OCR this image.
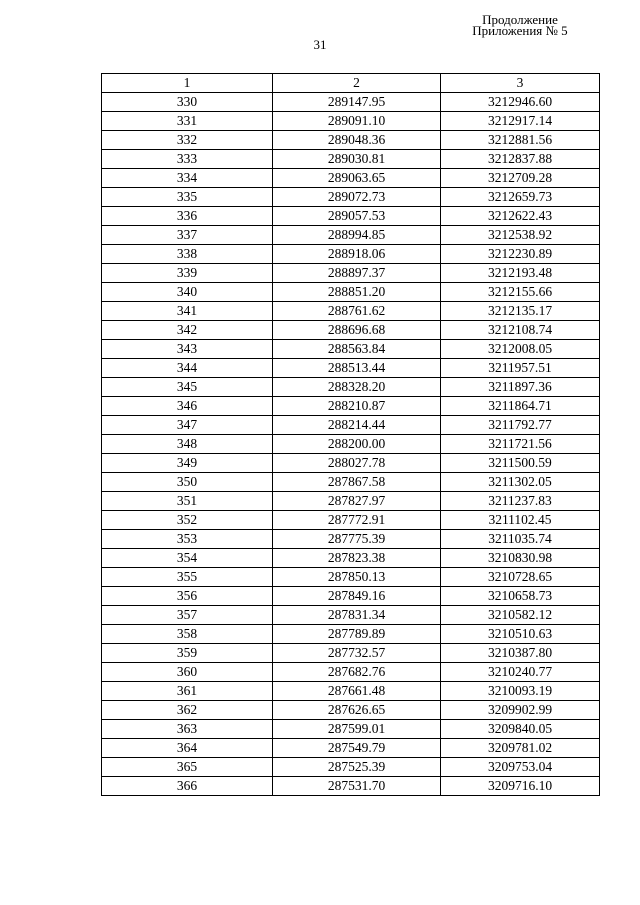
Продолжение
Приложения № 5
31
1	2	3
330	289147.95	3212946.60
331	289091.10	3212917.14
332	289048.36	3212881.56
333	289030.81	3212837.88
334	289063.65	3212709.28
335	289072.73	3212659.73
336	289057.53	3212622.43
337	288994.85	3212538.92
338	288918.06	3212230.89
339	288897.37	3212193.48
340	288851.20	3212155.66
341	288761.62	3212135.17
342	288696.68	3212108.74
343	288563.84	3212008.05
344	288513.44	3211957.51
345	288328.20	3211897.36
346	288210.87	3211864.71
347	288214.44	3211792.77
348	288200.00	3211721.56
349	288027.78	3211500.59
350	287867.58	3211302.05
351	287827.97	3211237.83
352	287772.91	3211102.45
353	287775.39	3211035.74
354	287823.38	3210830.98
355	287850.13	3210728.65
356	287849.16	3210658.73
357	287831.34	3210582.12
358	287789.89	3210510.63
359	287732.57	3210387.80
360	287682.76	3210240.77
361	287661.48	3210093.19
362	287626.65	3209902.99
363	287599.01	3209840.05
364	287549.79	3209781.02
365	287525.39	3209753.04
366	287531.70	3209716.10
